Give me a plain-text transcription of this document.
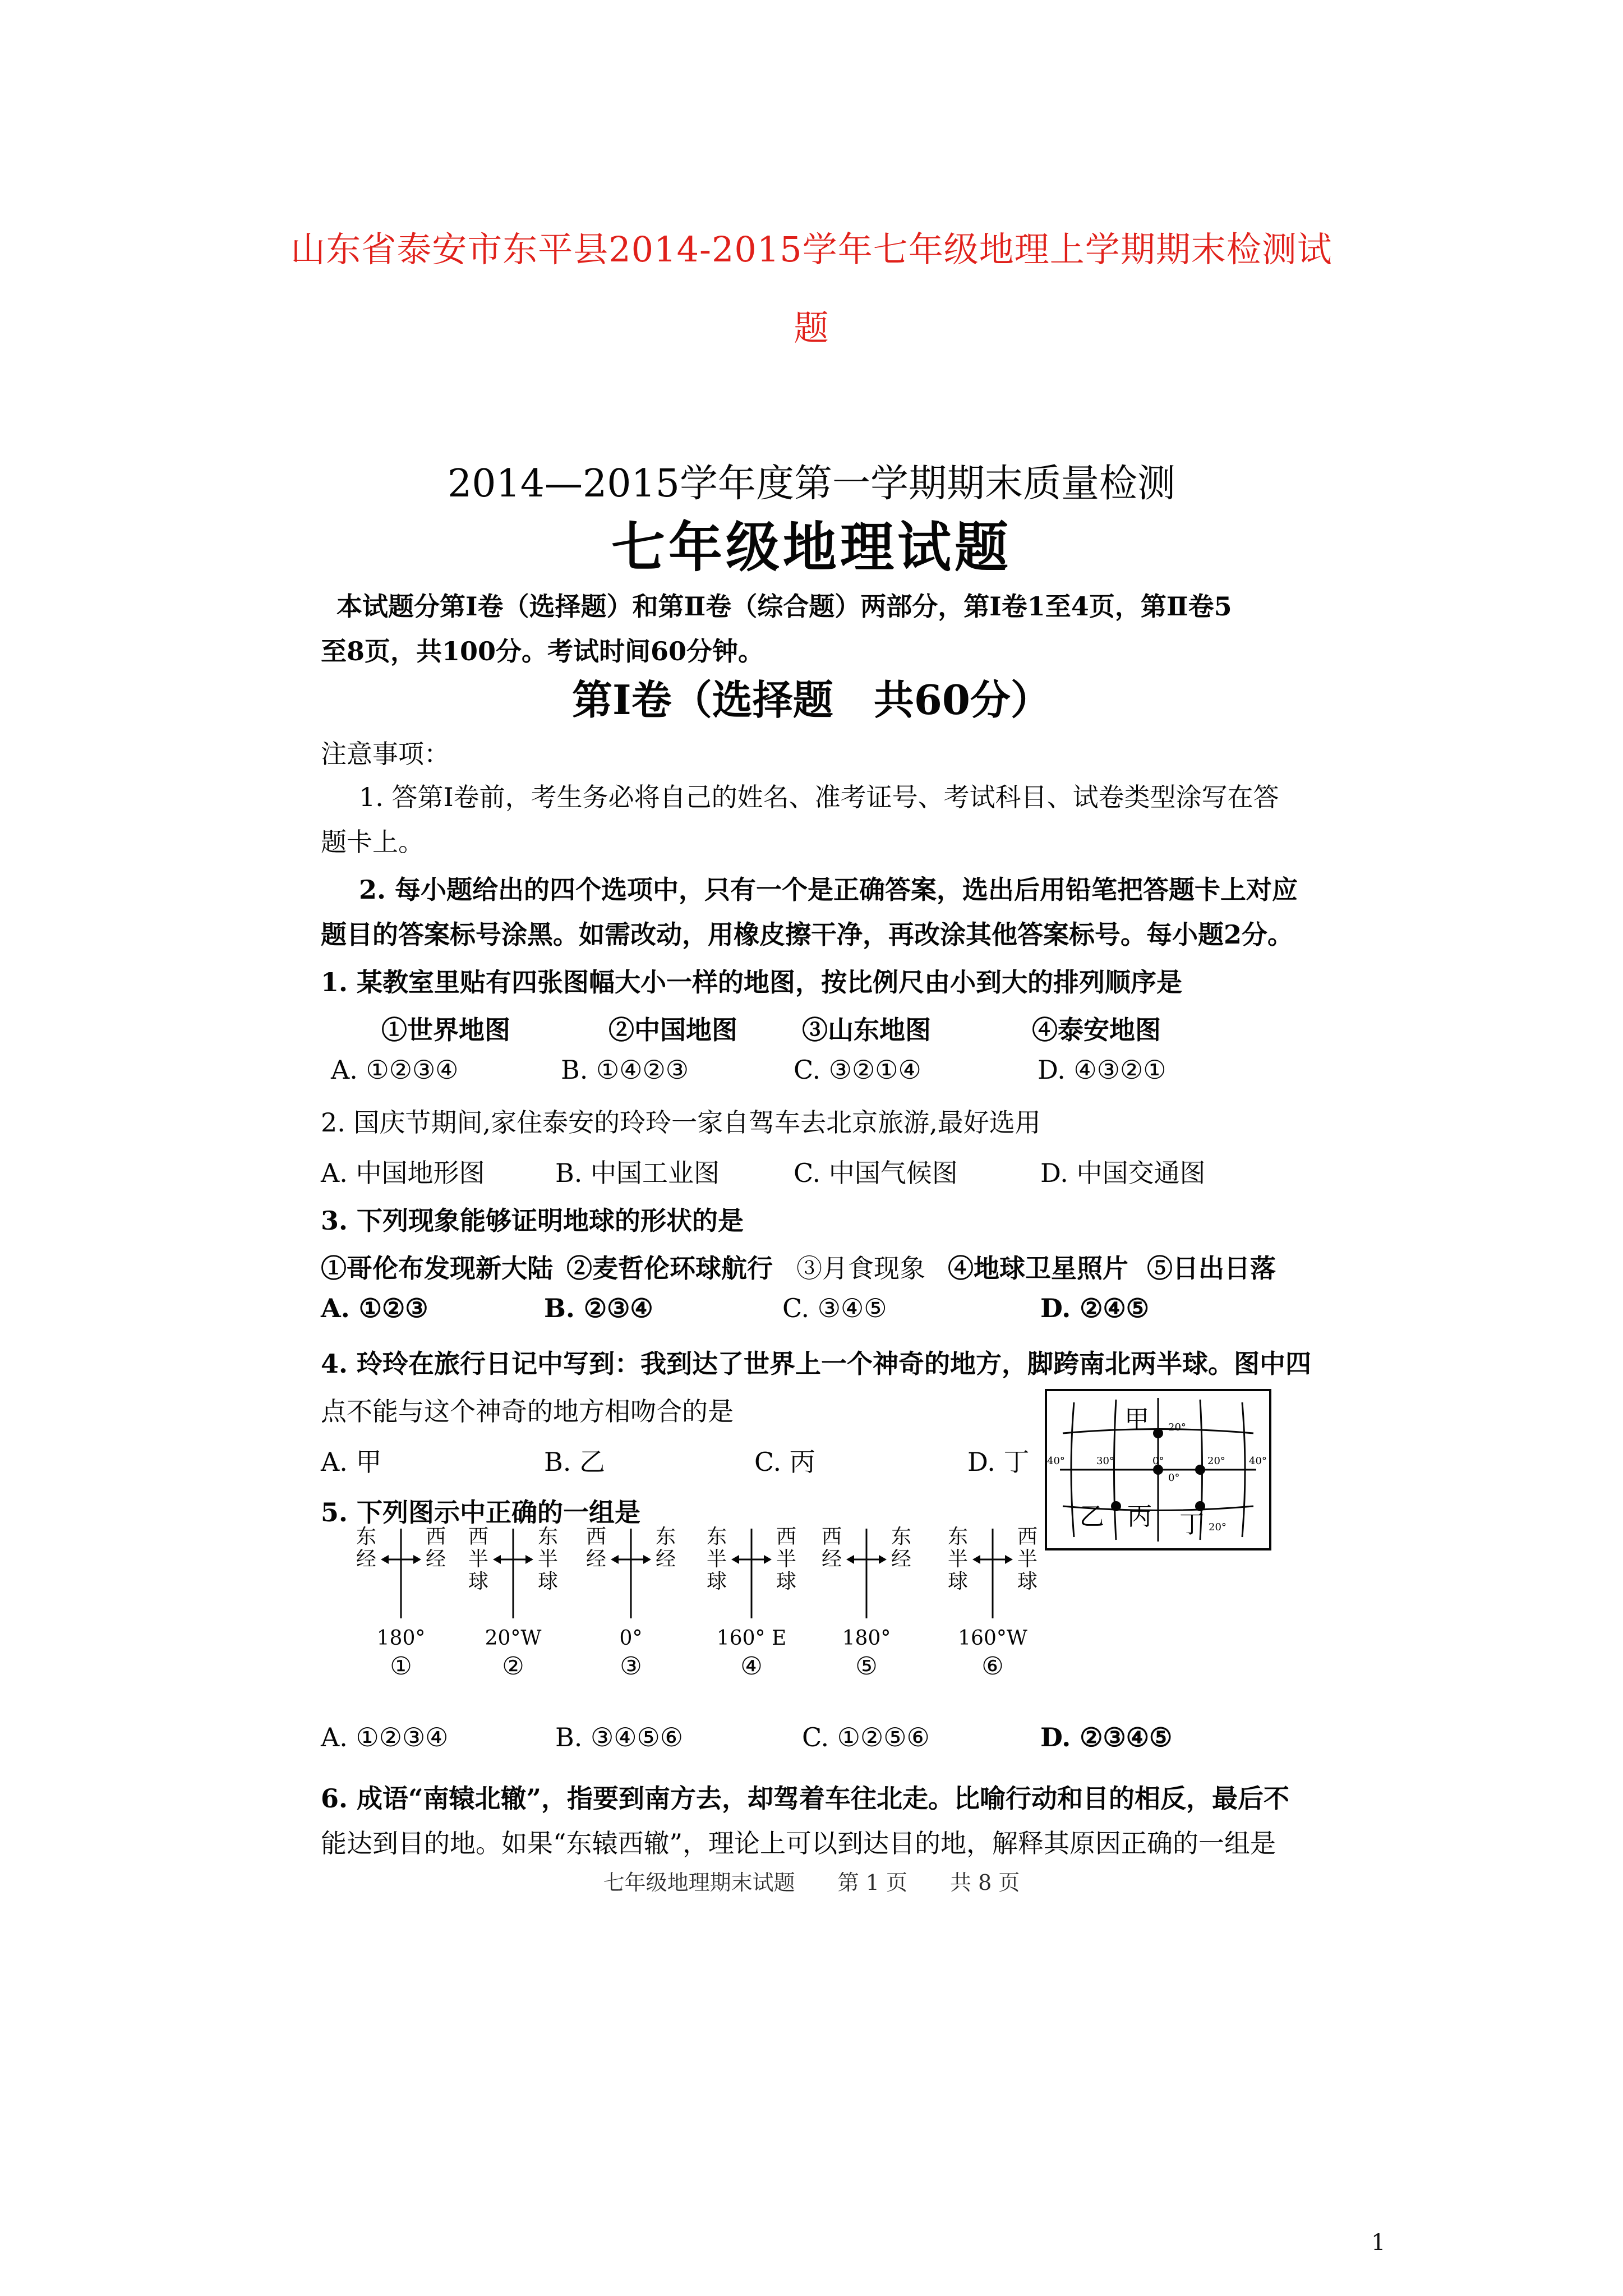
山东省泰安市东平县2014-2015学年七年级地理上学期期末检测试
题
2014—2015学年度第一学期期末质量检测
七年级地理试题
本试题分第Ⅰ卷（选择题）和第Ⅱ卷（综合题）两部分，第Ⅰ卷1至4页，第Ⅱ卷5
至8页，共100分。考试时间60分钟。
第Ⅰ卷（选择题　共60分）
注意事项：
1. 答第Ⅰ卷前，考生务必将自己的姓名、准考证号、考试科目、试卷类型涂写在答
题卡上。
2. 每小题给出的四个选项中，只有一个是正确答案，选出后用铅笔把答题卡上对应
题目的答案标号涂黑。如需改动，用橡皮擦干净，再改涂其他答案标号。每小题2分。
1. 某教室里贴有四张图幅大小一样的地图，按比例尺由小到大的排列顺序是
①世界地图	②中国地图	③山东地图	④泰安地图
A. ①②③④	B. ①④②③	C. ③②①④	D. ④③②①
2. 国庆节期间,家住泰安的玲玲一家自驾车去北京旅游,最好选用
A. 中国地形图	B. 中国工业图	C. 中国气候图	D. 中国交通图
3. 下列现象能够证明地球的形状的是
①哥伦布发现新大陆 ②麦哲伦环球航行 ③月食现象 ④地球卫星照片 ⑤日出日落
A. ①②③	B. ②③④	C. ③④⑤	D. ②④⑤
4. 玲玲在旅行日记中写到：我到达了世界上一个神奇的地方，脚跨南北两半球。图中四
点不能与这个神奇的地方相吻合的是
A. 甲	B. 乙	C. 丙	D. 丁
甲
乙 丙 丁
40°	30°	0°	20° 40°
20°
0°
20°
5. 下列图示中正确的一组是
东经
西经
180°
①
西半球
东半球
20°W
②
西经
东经
0°
③
东半球
西半球
160° E
④
西经
东经
180°
⑤
东半球
西半球
160°W
⑥
A. ①②③④	B. ③④⑤⑥	C. ①②⑤⑥	D. ②③④⑤
6. 成语“南辕北辙”，指要到南方去，却驾着车往北走。比喻行动和目的相反，最后不
能达到目的地。如果“东辕西辙”，理论上可以到达目的地，解释其原因正确的一组是
七年级地理期末试题　　第 1 页　　共 8 页
1
